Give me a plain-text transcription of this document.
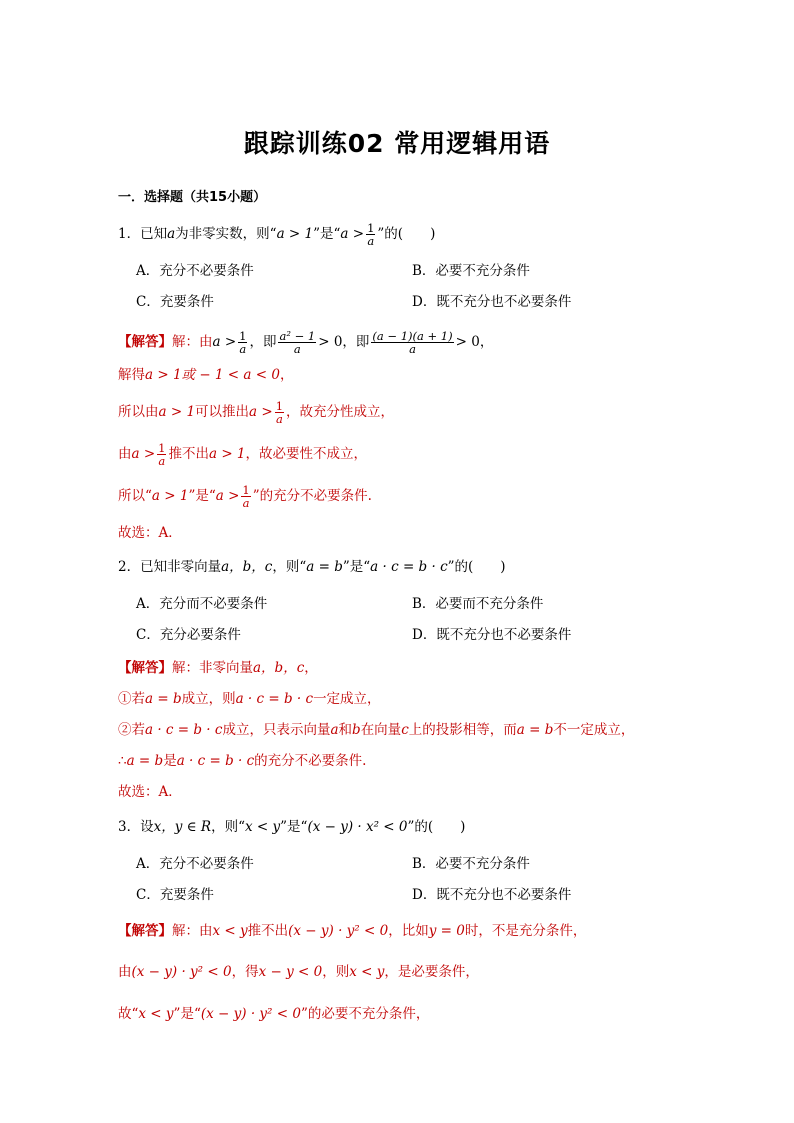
跟踪训练02 常用逻辑用语
一．选择题（共15小题）
1．已知a为非零实数，则“a > 1”是“$a > \frac{1}{a}$ ”的(　　)
A．充分不必要条件	B．必要不充分条件
C．充要条件	D．既不充分也不必要条件
【解答】解：由$a > \frac{1}{a}$ ，即 $\frac{\text{a² − 1}}{a} > 0$，即 $\frac{(a - 1)(a + 1)}{a} > 0$，
解得a > 1或 − 1 < a < 0，
所以由a > 1可以推出$a > \frac{1}{a}$ ，故充分性成立，
由$a > \frac{1}{a}$ 推不出a > 1，故必要性不成立，
所以“a > 1”是“$a > \frac{1}{a}$ ”的充分不必要条件.
故选：A．
2．已知非零向量a，b，c，则“a = b”是“a · c = b · c”的(　　)
A．充分而不必要条件	B．必要而不充分条件
C．充分必要条件	D．既不充分也不必要条件
【解答】解：非零向量a，b，c，
①若a = b成立，则a · c = b · c一定成立，
②若a · c = b · c成立，只表示向量a和b在向量c上的投影相等，而a = b不一定成立，
∴a = b是a · c = b · c的充分不必要条件.
故选：A．
3．设x，y ∈ R，则“x < y”是“(x − y) · x² < 0”的(　　)
A．充分不必要条件	B．必要不充分条件
C．充要条件	D．既不充分也不必要条件
【解答】解：由x < y推不出(x − y) · y² < 0，比如y = 0时，不是充分条件，
由(x − y) · y² < 0，得x − y < 0，则x < y，是必要条件，
故“x < y”是“(x − y) · y² < 0”的必要不充分条件，
